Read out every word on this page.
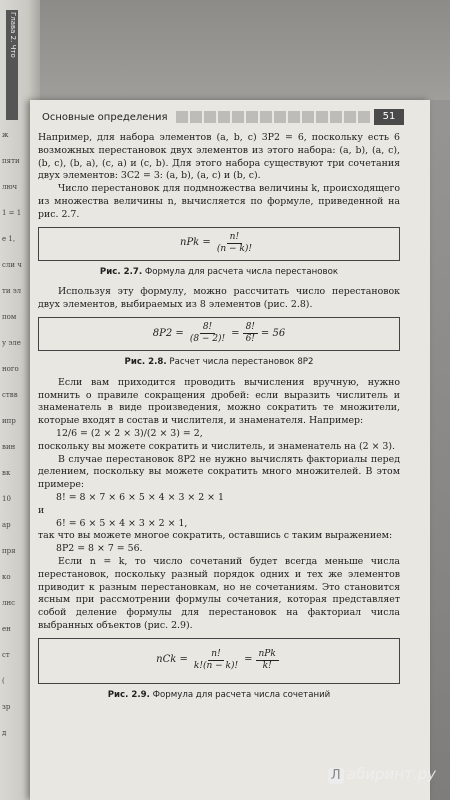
Глава 2. Что
ж
пяти
люч
1 = 1
е 1,
сли ч
ти эл
пом
у эле
ного
ствв
ипр
вин
вк
10
ар
пря
ко
лнс
ен
ст
(
зр
д
Основные определения	51

Например, для набора элементов (a, b, c) 3P2 = 6, поскольку есть 6 возможных перестановок двух элементов из этого набора: (a, b), (a, c), (b, c), (b, a), (c, a) и (c, b). Для этого набора существуют три сочетания двух элементов: 3C2 = 3: (a, b), (a, c) и (b, c).

Число перестановок для подмножества величины k, происходящего из множества величины n, вычисляется по формуле, приведенной на рис. 2.7.

nPk = $\frac{n!}{(n - k)!}$
Рис. 2.7. Формула для расчета числа перестановок

Используя эту формулу, можно рассчитать число перестановок двух элементов, выбираемых из 8 элементов (рис. 2.8).

$8P2 = \frac{8!}{(8 - 2)!} = \frac{8!}{6!} = 56$
Рис. 2.8. Расчет числа перестановок 8P2

Если вам приходится проводить вычисления вручную, нужно помнить о правиле сокращения дробей: если выразить числитель и знаменатель в виде произведения, можно сократить те множители, которые входят в состав и числителя, и знаменателя. Например:

12/6 = (2 × 2 × 3)/(2 × 3) = 2,

поскольку вы можете сократить и числитель, и знаменатель на (2 × 3).

В случае перестановок 8P2 не нужно вычислять факториалы перед делением, поскольку вы можете сократить много множителей. В этом примере:

8! = 8 × 7 × 6 × 5 × 4 × 3 × 2 × 1

и

6! = 6 × 5 × 4 × 3 × 2 × 1,

так что вы можете многое сократить, оставшись с таким выражением:

8P2 = 8 × 7 = 56.

Если n = k, то число сочетаний будет всегда меньше числа перестановок, поскольку разный порядок одних и тех же элементов приводит к разным перестановкам, но не сочетаниям. Это становится ясным при рассмотрении формулы сочетания, которая представляет собой деление формулы для перестановок на факториал числа выбранных объектов (рис. 2.9).

nCk = $\frac{n!}{k!(n - k)!} = \frac{\text{nPk}}{k!}$
Рис. 2.9. Формула для расчета числа сочетаний
Л абиринт.ру
